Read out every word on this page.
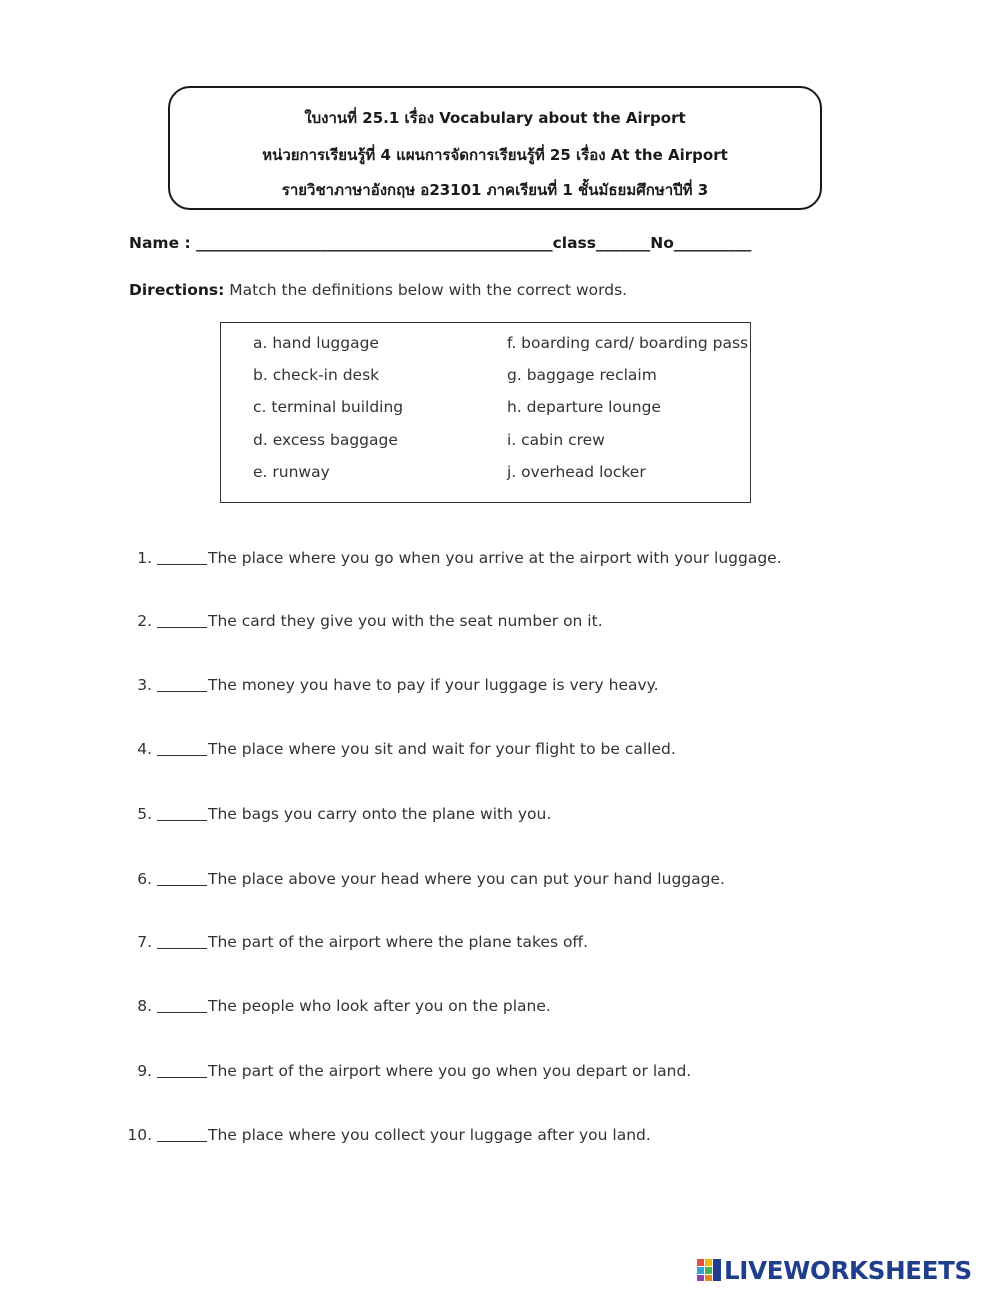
ใบงานที่ 25.1 เรื่อง Vocabulary about the Airport
หน่วยการเรียนรู้ที่ 4 แผนการจัดการเรียนรู้ที่ 25 เรื่อง At the Airport
รายวิชาภาษาอังกฤษ อ23101 ภาคเรียนที่ 1 ชั้นมัธยมศึกษาปีที่ 3
Name : ______________________________________________class_______No__________
Directions: Match the definitions below with the correct words.
a. hand luggage
b. check-in desk
c. terminal building
d. excess baggage
e. runway
f. boarding card/ boarding pass
g. baggage reclaim
h. departure lounge
i. cabin crew
j. overhead locker
1.	The place where you go when you arrive at the airport with your luggage.
2.	The card they give you with the seat number on it.
3.	The money you have to pay if your luggage is very heavy.
4.	The place where you sit and wait for your flight to be called.
5.	The bags you carry onto the plane with you.
6.	The place above your head where you can put your hand luggage.
7.	The part of the airport where the plane takes off.
8.	The people who look after you on the plane.
9.	The part of the airport where you go when you depart or land.
10.	The place where you collect your luggage after you land.
LIVEWORKSHEETS
